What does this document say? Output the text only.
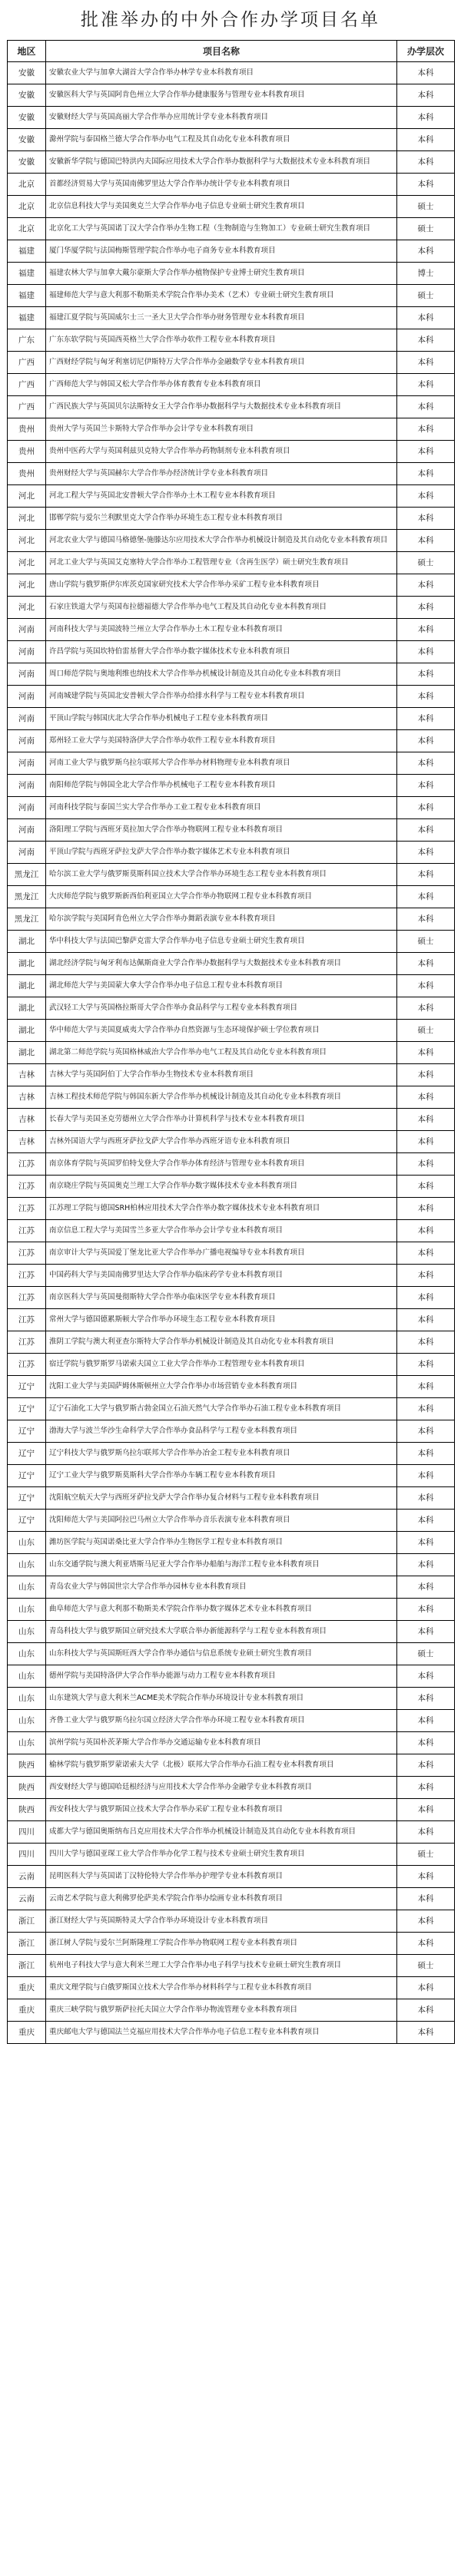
批准举办的中外合作办学项目名单
地区	项目名称	办学层次
安徽	安徽农业大学与加拿大湖首大学合作举办林学专业本科教育项目	本科
安徽	安徽医科大学与英国阿肯色州立大学合作举办健康服务与管理专业本科教育项目	本科
安徽	安徽财经大学与英国高丽大学合作举办应用统计学专业本科教育项目	本科
安徽	滁州学院与泰国格兰德大学合作举办电气工程及其自动化专业本科教育项目	本科
安徽	安徽新华学院与德国巴特洪内夫国际应用技术大学合作举办数据科学与大数据技术专业本科教育项目	本科
北京	首都经济贸易大学与英国南佛罗里达大学合作举办统计学专业本科教育项目	本科
北京	北京信息科技大学与美国奥克兰大学合作举办电子信息专业硕士研究生教育项目	硕士
北京	北京化工大学与英国诺丁汉大学合作举办生物工程（生物制造与生物加工）专业硕士研究生教育项目	硕士
福建	厦门华厦学院与法国梅斯管理学院合作举办电子商务专业本科教育项目	本科
福建	福建农林大学与加拿大戴尔豪斯大学合作举办植物保护专业博士研究生教育项目	博士
福建	福建师范大学与意大利那不勒斯美术学院合作举办美术（艺术）专业硕士研究生教育项目	硕士
福建	福建江夏学院与英国威尔士三一圣大卫大学合作举办财务管理专业本科教育项目	本科
广东	广东东软学院与英国西英格兰大学合作举办软件工程专业本科教育项目	本科
广西	广西财经学院与匈牙利塞切尼伊斯特万大学合作举办金融数学专业本科教育项目	本科
广西	广西师范大学与韩国又松大学合作举办体育教育专业本科教育项目	本科
广西	广西民族大学与英国贝尔法斯特女王大学合作举办数据科学与大数据技术专业本科教育项目	本科
贵州	贵州大学与英国兰卡斯特大学合作举办会计学专业本科教育项目	本科
贵州	贵州中医药大学与英国利兹贝克特大学合作举办药物制剂专业本科教育项目	本科
贵州	贵州财经大学与英国赫尔大学合作举办经济统计学专业本科教育项目	本科
河北	河北工程大学与英国北安普顿大学合作举办土木工程专业本科教育项目	本科
河北	邯郸学院与爱尔兰利默里克大学合作举办环境生态工程专业本科教育项目	本科
河北	河北农业大学与德国马格德堡-施滕达尔应用技术大学合作举办机械设计制造及其自动化专业本科教育项目	本科
河北	河北工业大学与英国艾克塞特大学合作举办工程管理专业（含再生医学）硕士研究生教育项目	硕士
河北	唐山学院与俄罗斯伊尔库茨克国家研究技术大学合作举办采矿工程专业本科教育项目	本科
河北	石家庄铁道大学与英国布拉德福德大学合作举办电气工程及其自动化专业本科教育项目	本科
河南	河南科技大学与美国波特兰州立大学合作举办土木工程专业本科教育项目	本科
河南	许昌学院与英国坎特伯雷基督大学合作举办数字媒体技术专业本科教育项目	本科
河南	周口师范学院与奥地利维也纳技术大学合作举办机械设计制造及其自动化专业本科教育项目	本科
河南	河南城建学院与英国北安普顿大学合作举办给排水科学与工程专业本科教育项目	本科
河南	平顶山学院与韩国庆北大学合作举办机械电子工程专业本科教育项目	本科
河南	郑州轻工业大学与美国特洛伊大学合作举办软件工程专业本科教育项目	本科
河南	河南工业大学与俄罗斯乌拉尔联邦大学合作举办材料物理专业本科教育项目	本科
河南	南阳师范学院与韩国全北大学合作举办机械电子工程专业本科教育项目	本科
河南	河南科技学院与泰国兰实大学合作举办工业工程专业本科教育项目	本科
河南	洛阳理工学院与西班牙莫拉加大学合作举办物联网工程专业本科教育项目	本科
河南	平顶山学院与西班牙萨拉戈萨大学合作举办数字媒体艺术专业本科教育项目	本科
黑龙江	哈尔滨工业大学与俄罗斯莫斯科国立技术大学合作举办环境生态工程专业本科教育项目	本科
黑龙江	大庆师范学院与俄罗斯新西伯利亚国立大学合作举办物联网工程专业本科教育项目	本科
黑龙江	哈尔滨学院与美国阿肯色州立大学合作举办舞蹈表演专业本科教育项目	本科
湖北	华中科技大学与法国巴黎萨克雷大学合作举办电子信息专业硕士研究生教育项目	硕士
湖北	湖北经济学院与匈牙利布达佩斯商业大学合作举办数据科学与大数据技术专业本科教育项目	本科
湖北	湖北师范大学与美国蒙大拿大学合作举办电子信息工程专业本科教育项目	本科
湖北	武汉轻工大学与英国格拉斯哥大学合作举办食品科学与工程专业本科教育项目	本科
湖北	华中师范大学与美国夏威夷大学合作举办自然资源与生态环境保护硕士学位教育项目	硕士
湖北	湖北第二师范学院与英国格林威治大学合作举办电气工程及其自动化专业本科教育项目	本科
吉林	吉林大学与英国阿伯丁大学合作举办生物技术专业本科教育项目	本科
吉林	吉林工程技术师范学院与韩国东新大学合作举办机械设计制造及其自动化专业本科教育项目	本科
吉林	长春大学与美国圣克劳德州立大学合作举办计算机科学与技术专业本科教育项目	本科
吉林	吉林外国语大学与西班牙萨拉戈萨大学合作举办西班牙语专业本科教育项目	本科
江苏	南京体育学院与英国罗伯特戈登大学合作举办体育经济与管理专业本科教育项目	本科
江苏	南京晓庄学院与英国奥克兰理工大学合作举办数字媒体技术专业本科教育项目	本科
江苏	江苏理工学院与德国SRH柏林应用技术大学合作举办数字媒体技术专业本科教育项目	本科
江苏	南京信息工程大学与美国雪兰多亚大学合作举办会计学专业本科教育项目	本科
江苏	南京审计大学与英国爱丁堡龙比亚大学合作举办广播电视编导专业本科教育项目	本科
江苏	中国药科大学与美国南佛罗里达大学合作举办临床药学专业本科教育项目	本科
江苏	南京医科大学与英国曼彻斯特大学合作举办临床医学专业本科教育项目	本科
江苏	常州大学与德国德累斯顿大学合作举办环境生态工程专业本科教育项目	本科
江苏	淮阴工学院与澳大利亚查尔斯特大学合作举办机械设计制造及其自动化专业本科教育项目	本科
江苏	宿迁学院与俄罗斯罗马诺索夫国立工业大学合作举办工程管理专业本科教育项目	本科
辽宁	沈阳工业大学与美国萨姆休斯顿州立大学合作举办市场营销专业本科教育项目	本科
辽宁	辽宁石油化工大学与俄罗斯古勃金国立石油天然气大学合作举办石油工程专业本科教育项目	本科
辽宁	渤海大学与波兰华沙生命科学大学合作举办食品科学与工程专业本科教育项目	本科
辽宁	辽宁科技大学与俄罗斯乌拉尔联邦大学合作举办冶金工程专业本科教育项目	本科
辽宁	辽宁工业大学与俄罗斯莫斯科大学合作举办车辆工程专业本科教育项目	本科
辽宁	沈阳航空航天大学与西班牙萨拉戈萨大学合作举办复合材料与工程专业本科教育项目	本科
辽宁	沈阳师范大学与美国阿拉巴马州立大学合作举办音乐表演专业本科教育项目	本科
山东	潍坊医学院与英国诺桑比亚大学合作举办生物医学工程专业本科教育项目	本科
山东	山东交通学院与澳大利亚塔斯马尼亚大学合作举办船舶与海洋工程专业本科教育项目	本科
山东	青岛农业大学与韩国世宗大学合作举办园林专业本科教育项目	本科
山东	曲阜师范大学与意大利那不勒斯美术学院合作举办数字媒体艺术专业本科教育项目	本科
山东	青岛科技大学与俄罗斯国立研究技术大学联合举办新能源科学与工程专业本科教育项目	本科
山东	山东科技大学与英国斯旺西大学合作举办通信与信息系统专业硕士研究生教育项目	硕士
山东	德州学院与美国特洛伊大学合作举办能源与动力工程专业本科教育项目	本科
山东	山东建筑大学与意大利米兰ACME美术学院合作举办环境设计专业本科教育项目	本科
山东	齐鲁工业大学与俄罗斯乌拉尔国立经济大学合作举办环境工程专业本科教育项目	本科
山东	滨州学院与英国朴茨茅斯大学合作举办交通运输专业本科教育项目	本科
陕西	榆林学院与俄罗斯罗蒙诺索夫大学（北极）联邦大学合作举办石油工程专业本科教育项目	本科
陕西	西安财经大学与德国哈廷根经济与应用技术大学合作举办金融学专业本科教育项目	本科
陕西	西安科技大学与俄罗斯国立技术大学合作举办采矿工程专业本科教育项目	本科
四川	成都大学与德国奥斯纳布吕克应用技术大学合作举办机械设计制造及其自动化专业本科教育项目	本科
四川	四川大学与德国亚琛工业大学合作举办化学工程与技术专业硕士研究生教育项目	硕士
云南	昆明医科大学与英国诺丁汉特伦特大学合作举办护理学专业本科教育项目	本科
云南	云南艺术学院与意大利佛罗伦萨美术学院合作举办绘画专业本科教育项目	本科
浙江	浙江财经大学与英国斯特灵大学合作举办环境设计专业本科教育项目	本科
浙江	浙江树人学院与爱尔兰阿斯隆理工学院合作举办物联网工程专业本科教育项目	本科
浙江	杭州电子科技大学与意大利米兰理工大学合作举办电子科学与技术专业硕士研究生教育项目	硕士
重庆	重庆文理学院与白俄罗斯国立技术大学合作举办材料科学与工程专业本科教育项目	本科
重庆	重庆三峡学院与俄罗斯萨拉托夫国立大学合作举办物流管理专业本科教育项目	本科
重庆	重庆邮电大学与德国法兰克福应用技术大学合作举办电子信息工程专业本科教育项目	本科
